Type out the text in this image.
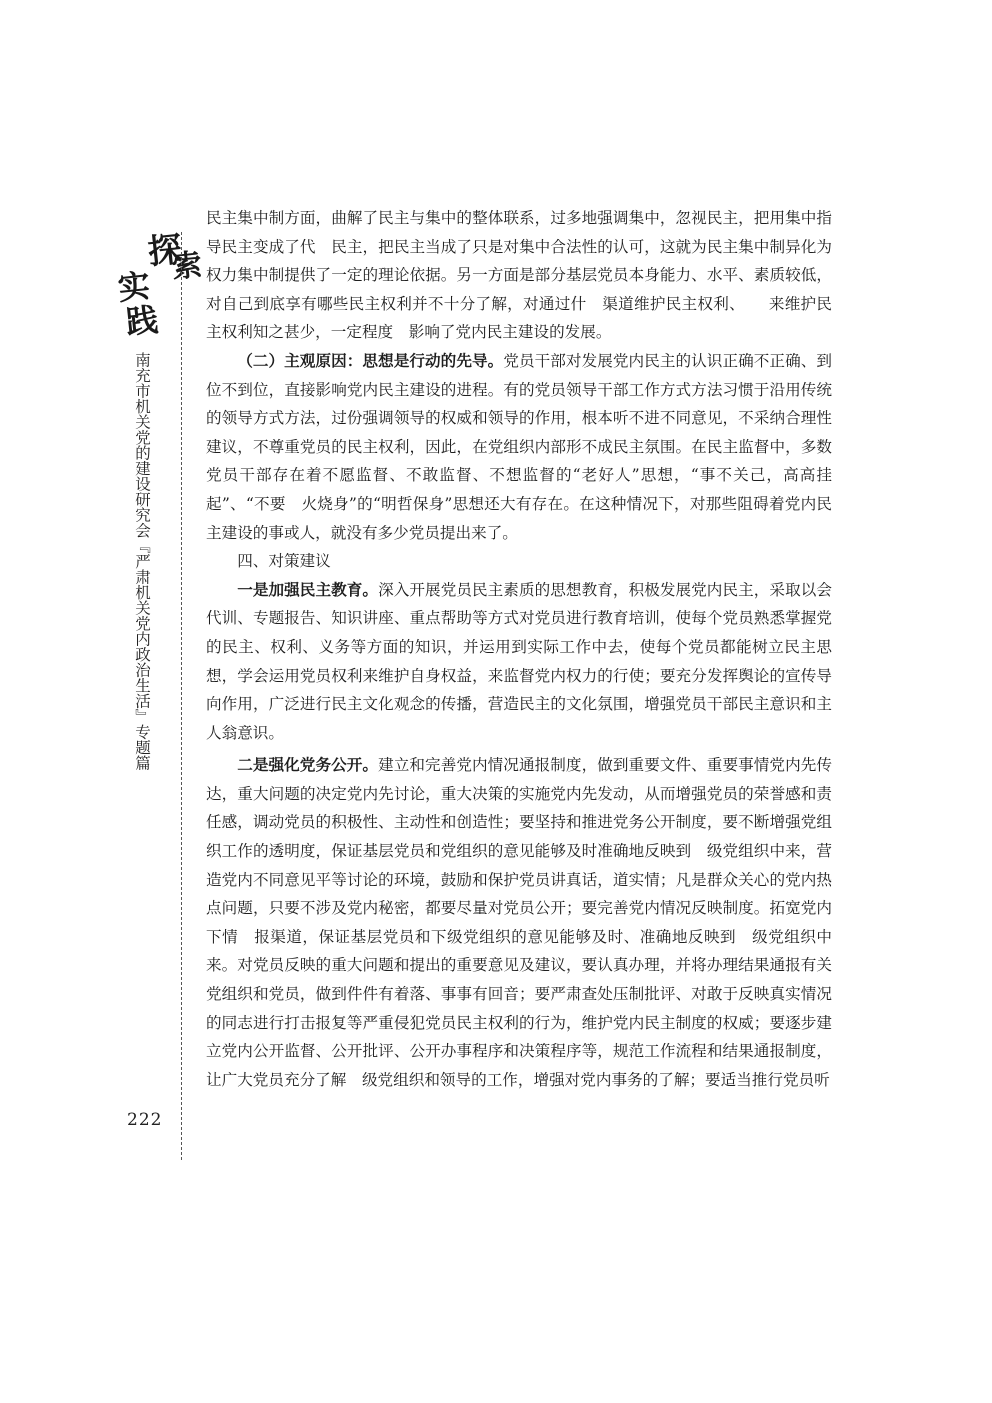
探
索
实
践
南充市机关党的建设研究会『严肃机关党内政治生活』专题篇
222

民主集中制方面，曲解了民主与集中的整体联系，过多地强调集中，忽视民主，把用集中指导民主变成了代　民主，把民主当成了只是对集中合法性的认可，这就为民主集中制异化为权力集中制提供了一定的理论依据。另一方面是部分基层党员本身能力、水平、素质较低，对自己到底享有哪些民主权利并不十分了解，对通过什　渠道维护民主权利、　　来维护民主权利知之甚少，一定程度　影响了党内民主建设的发展。

（二）主观原因：思想是行动的先导。党员干部对发展党内民主的认识正确不正确、到位不到位，直接影响党内民主建设的进程。有的党员领导干部工作方式方法习惯于沿用传统的领导方式方法，过份强调领导的权威和领导的作用，根本听不进不同意见，不采纳合理性建议，不尊重党员的民主权利，因此，在党组织内部形不成民主氛围。在民主监督中，多数党员干部存在着不愿监督、不敢监督、不想监督的“老好人”思想，“事不关己，高高挂起”、“不要　火烧身”的“明哲保身”思想还大有存在。在这种情况下，对那些阻碍着党内民主建设的事或人，就没有多少党员提出来了。

四、对策建议

一是加强民主教育。深入开展党员民主素质的思想教育，积极发展党内民主，采取以会代训、专题报告、知识讲座、重点帮助等方式对党员进行教育培训，使每个党员熟悉掌握党的民主、权利、义务等方面的知识，并运用到实际工作中去，使每个党员都能树立民主思想，学会运用党员权利来维护自身权益，来监督党内权力的行使；要充分发挥舆论的宣传导向作用，广泛进行民主文化观念的传播，营造民主的文化氛围，增强党员干部民主意识和主人翁意识。

二是强化党务公开。建立和完善党内情况通报制度，做到重要文件、重要事情党内先传达，重大问题的决定党内先讨论，重大决策的实施党内先发动，从而增强党员的荣誉感和责任感，调动党员的积极性、主动性和创造性；要坚持和推进党务公开制度，要不断增强党组织工作的透明度，保证基层党员和党组织的意见能够及时准确地反映到　级党组织中来，营造党内不同意见平等讨论的环境，鼓励和保护党员讲真话，道实情；凡是群众关心的党内热点问题，只要不涉及党内秘密，都要尽量对党员公开；要完善党内情况反映制度。拓宽党内下情　报渠道，保证基层党员和下级党组织的意见能够及时、准确地反映到　级党组织中来。对党员反映的重大问题和提出的重要意见及建议，要认真办理，并将办理结果通报有关党组织和党员，做到件件有着落、事事有回音；要严肃查处压制批评、对敢于反映真实情况的同志进行打击报复等严重侵犯党员民主权利的行为，维护党内民主制度的权威；要逐步建立党内公开监督、公开批评、公开办事程序和决策程序等，规范工作流程和结果通报制度，让广大党员充分了解　级党组织和领导的工作，增强对党内事务的了解；要适当推行党员听
